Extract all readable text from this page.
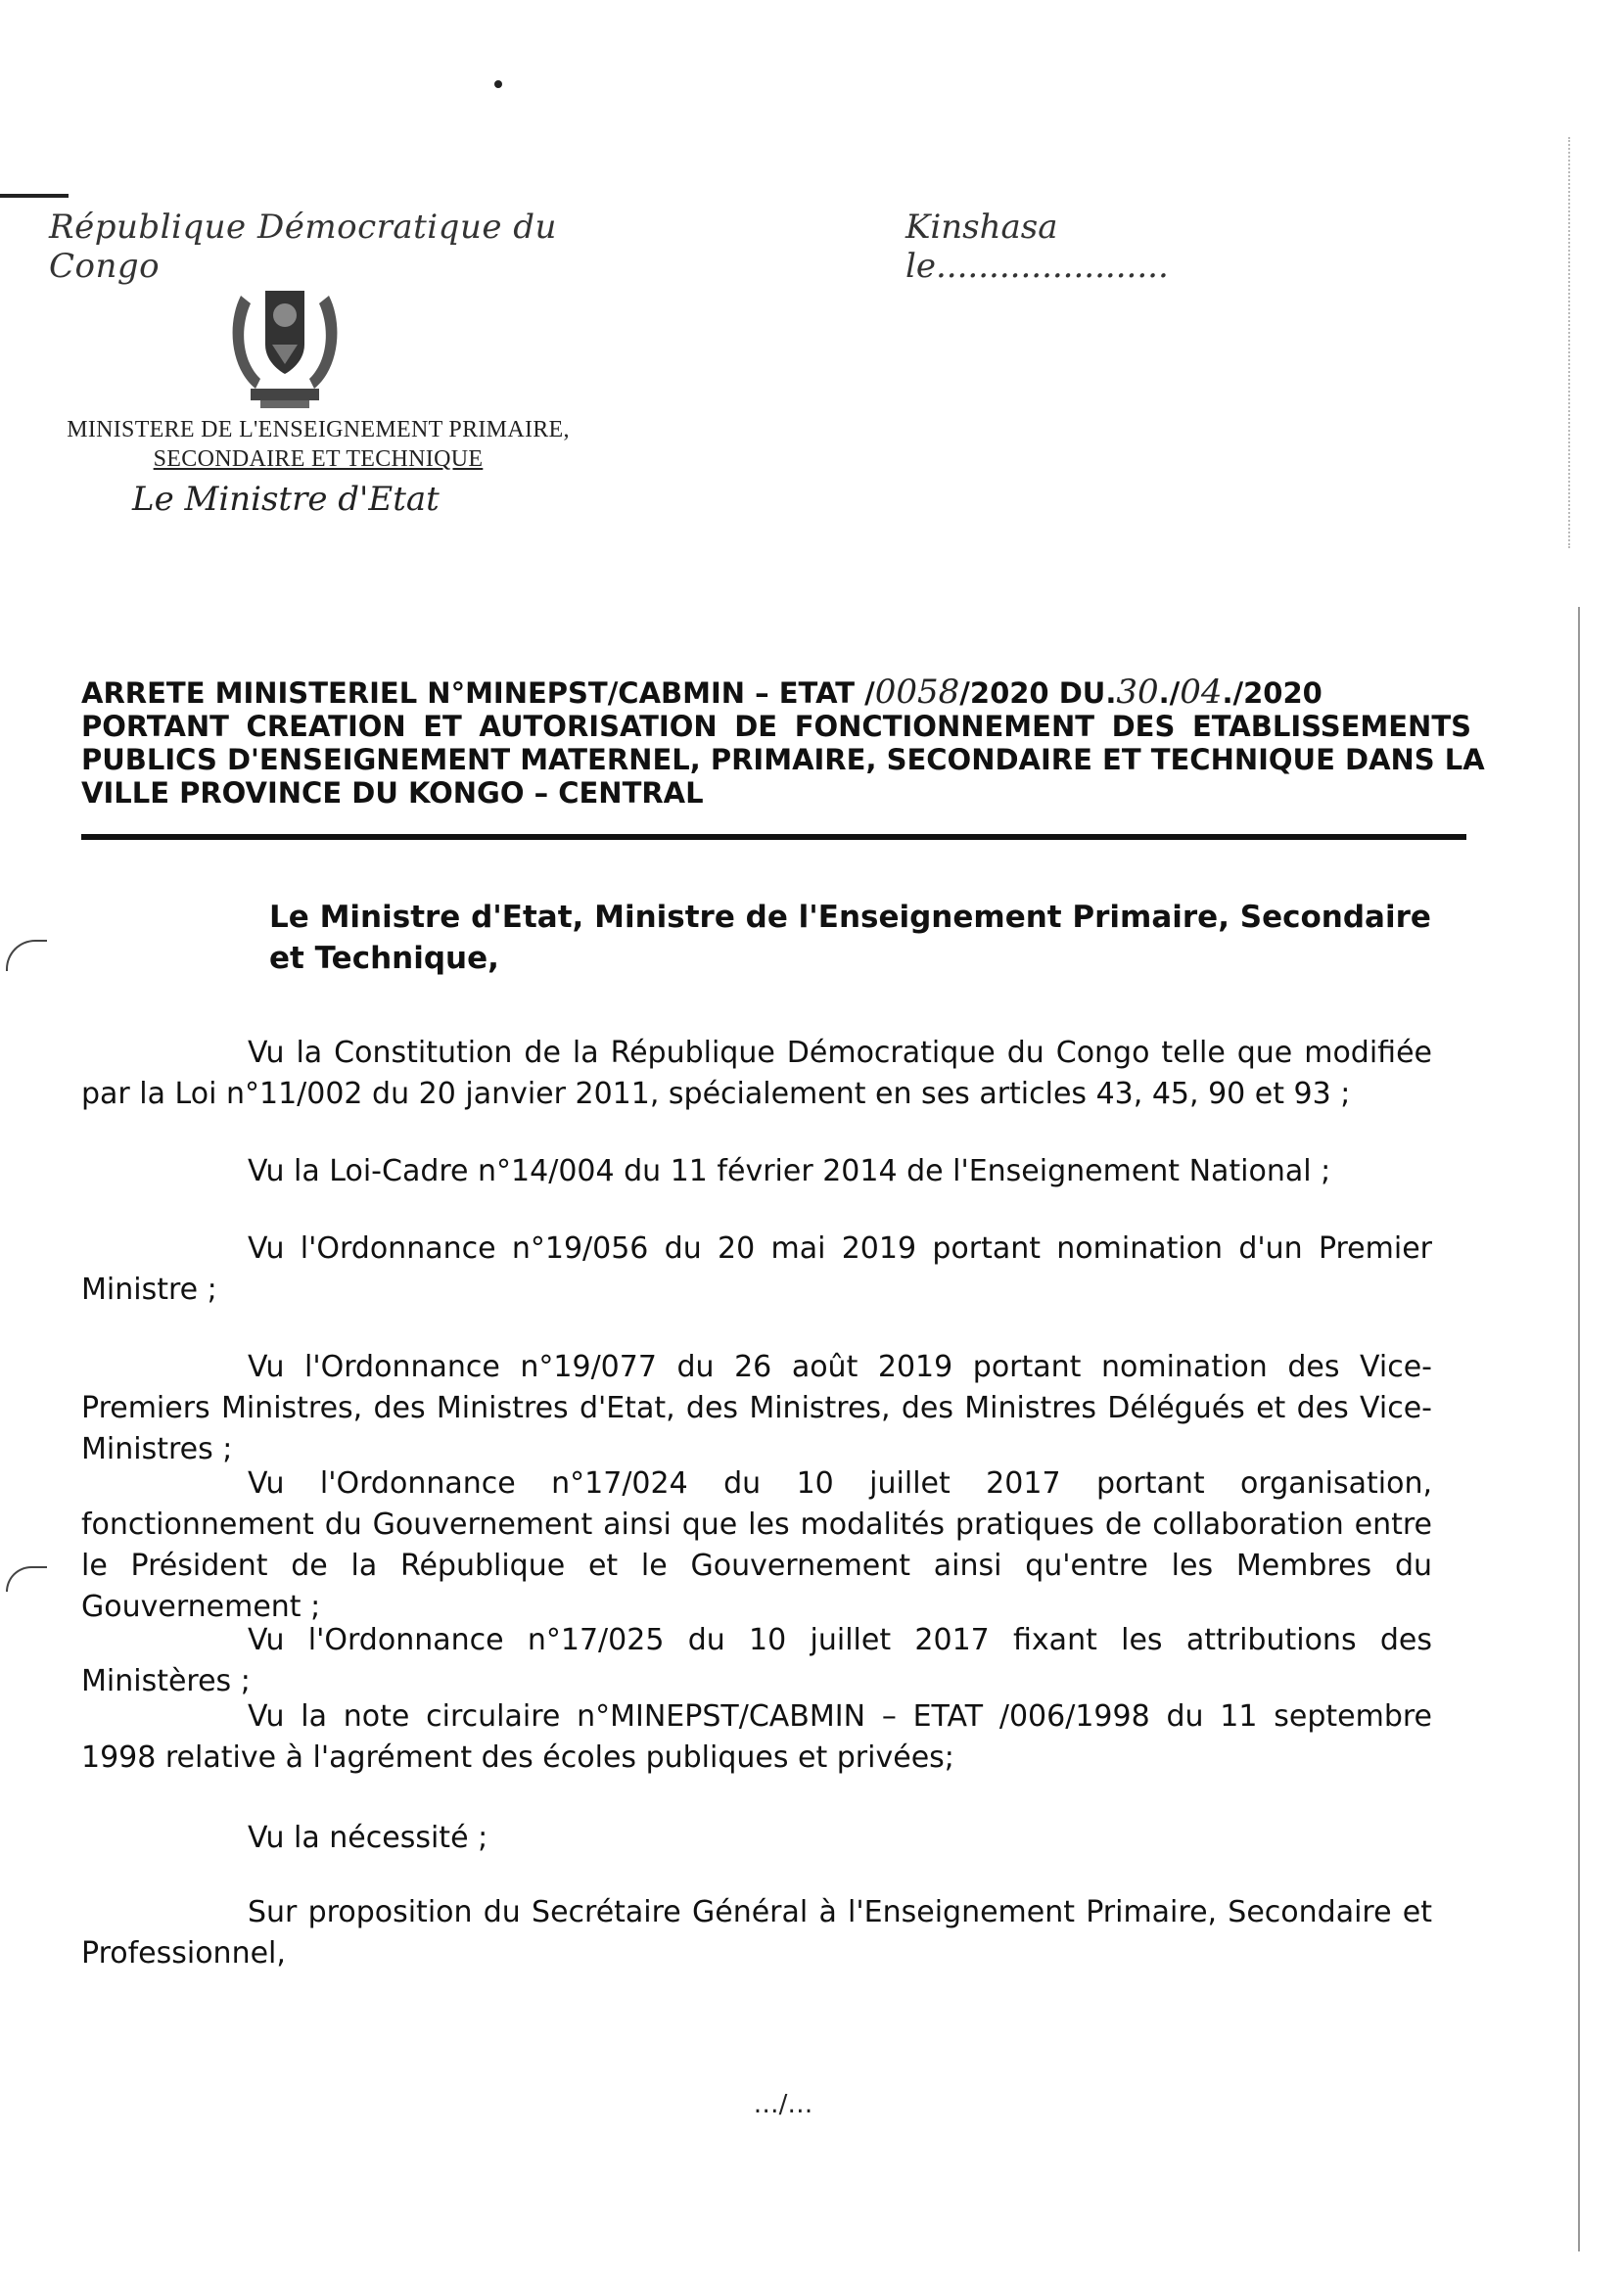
République Démocratique du Congo
Kinshasa le......................
MINISTERE DE L'ENSEIGNEMENT PRIMAIRE,
SECONDAIRE ET TECHNIQUE
Le Ministre d'Etat
ARRETE MINISTERIEL N°MINEPST/CABMIN – ETAT /0058/2020 DU.30./04./2020
PORTANT CREATION ET AUTORISATION DE FONCTIONNEMENT DES ETABLISSEMENTS
PUBLICS D'ENSEIGNEMENT MATERNEL, PRIMAIRE, SECONDAIRE ET TECHNIQUE DANS LA
VILLE PROVINCE DU KONGO – CENTRAL
Le Ministre d'Etat, Ministre de l'Enseignement Primaire, Secondaire et Technique,
Vu la Constitution de la République Démocratique du Congo telle que modifiée par la Loi n°11/002 du 20 janvier 2011, spécialement en ses articles 43, 45, 90 et 93 ;
Vu la Loi-Cadre n°14/004 du 11 février 2014 de l'Enseignement National ;
Vu l'Ordonnance n°19/056 du 20 mai 2019 portant nomination d'un Premier Ministre ;
Vu l'Ordonnance n°19/077 du 26 août 2019 portant nomination des Vice-Premiers Ministres, des Ministres d'Etat, des Ministres, des Ministres Délégués et des Vice-Ministres ;
Vu l'Ordonnance n°17/024 du 10 juillet 2017 portant organisation, fonctionnement du Gouvernement ainsi que les modalités pratiques de collaboration entre le Président de la République et le Gouvernement ainsi qu'entre les Membres du Gouvernement ;
Vu l'Ordonnance n°17/025 du 10 juillet 2017 fixant les attributions des Ministères ;
Vu la note circulaire n°MINEPST/CABMIN – ETAT /006/1998 du 11 septembre 1998 relative à l'agrément des écoles publiques et privées;
Vu la nécessité ;
Sur proposition du Secrétaire Général à l'Enseignement Primaire, Secondaire et Professionnel,
…/…
